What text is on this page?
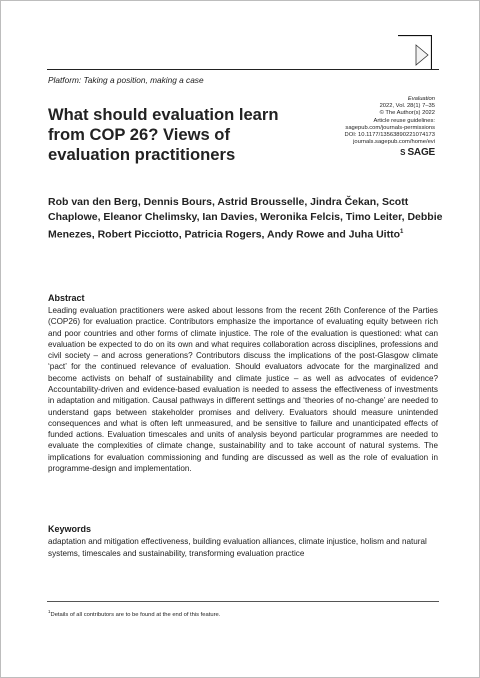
Platform: Taking a position, making a case
What should evaluation learn from COP 26? Views of evaluation practitioners
Evaluation
2022, Vol. 28(1) 7–35
© The Author(s) 2022
Article reuse guidelines:
sagepub.com/journals-permissions
DOI: 10.1177/13563890221074173
journals.sagepub.com/home/evi
S SAGE

Rob van den Berg, Dennis Bours, Astrid Brousselle, Jindra Čekan, Scott Chaplowe, Eleanor Chelimsky, Ian Davies, Weronika Felcis, Timo Leiter, Debbie Menezes, Robert Picciotto, Patricia Rogers, Andy Rowe and Juha Uitto$^1$

Abstract

Leading evaluation practitioners were asked about lessons from the recent 26th Conference of the Parties (COP26) for evaluation practice. Contributors emphasize the importance of evaluating equity between rich and poor countries and other forms of climate injustice. The role of the evaluation is questioned: what can evaluation be expected to do on its own and what requires collaboration across disciplines, professions and civil society – and across generations? Contributors discuss the implications of the post-Glasgow climate ‘pact’ for the continued relevance of evaluation. Should evaluators advocate for the marginalized and become activists on behalf of sustainability and climate justice – as well as advocates of evidence? Accountability-driven and evidence-based evaluation is needed to assess the effectiveness of investments in adaptation and mitigation. Causal pathways in different settings and ‘theories of no-change’ are needed to understand gaps between stakeholder promises and delivery. Evaluators should measure unintended consequences and what is often left unmeasured, and be sensitive to failure and unanticipated effects of funded actions. Evaluation timescales and units of analysis beyond particular programmes are needed to evaluate the complexities of climate change, sustainability and to take account of natural systems. The implications for evaluation commissioning and funding are discussed as well as the role of evaluation in programme-design and implementation.

Keywords

adaptation and mitigation effectiveness, building evaluation alliances, climate injustice, holism and natural systems, timescales and sustainability, transforming evaluation practice

$^1$Details of all contributors are to be found at the end of this feature.
